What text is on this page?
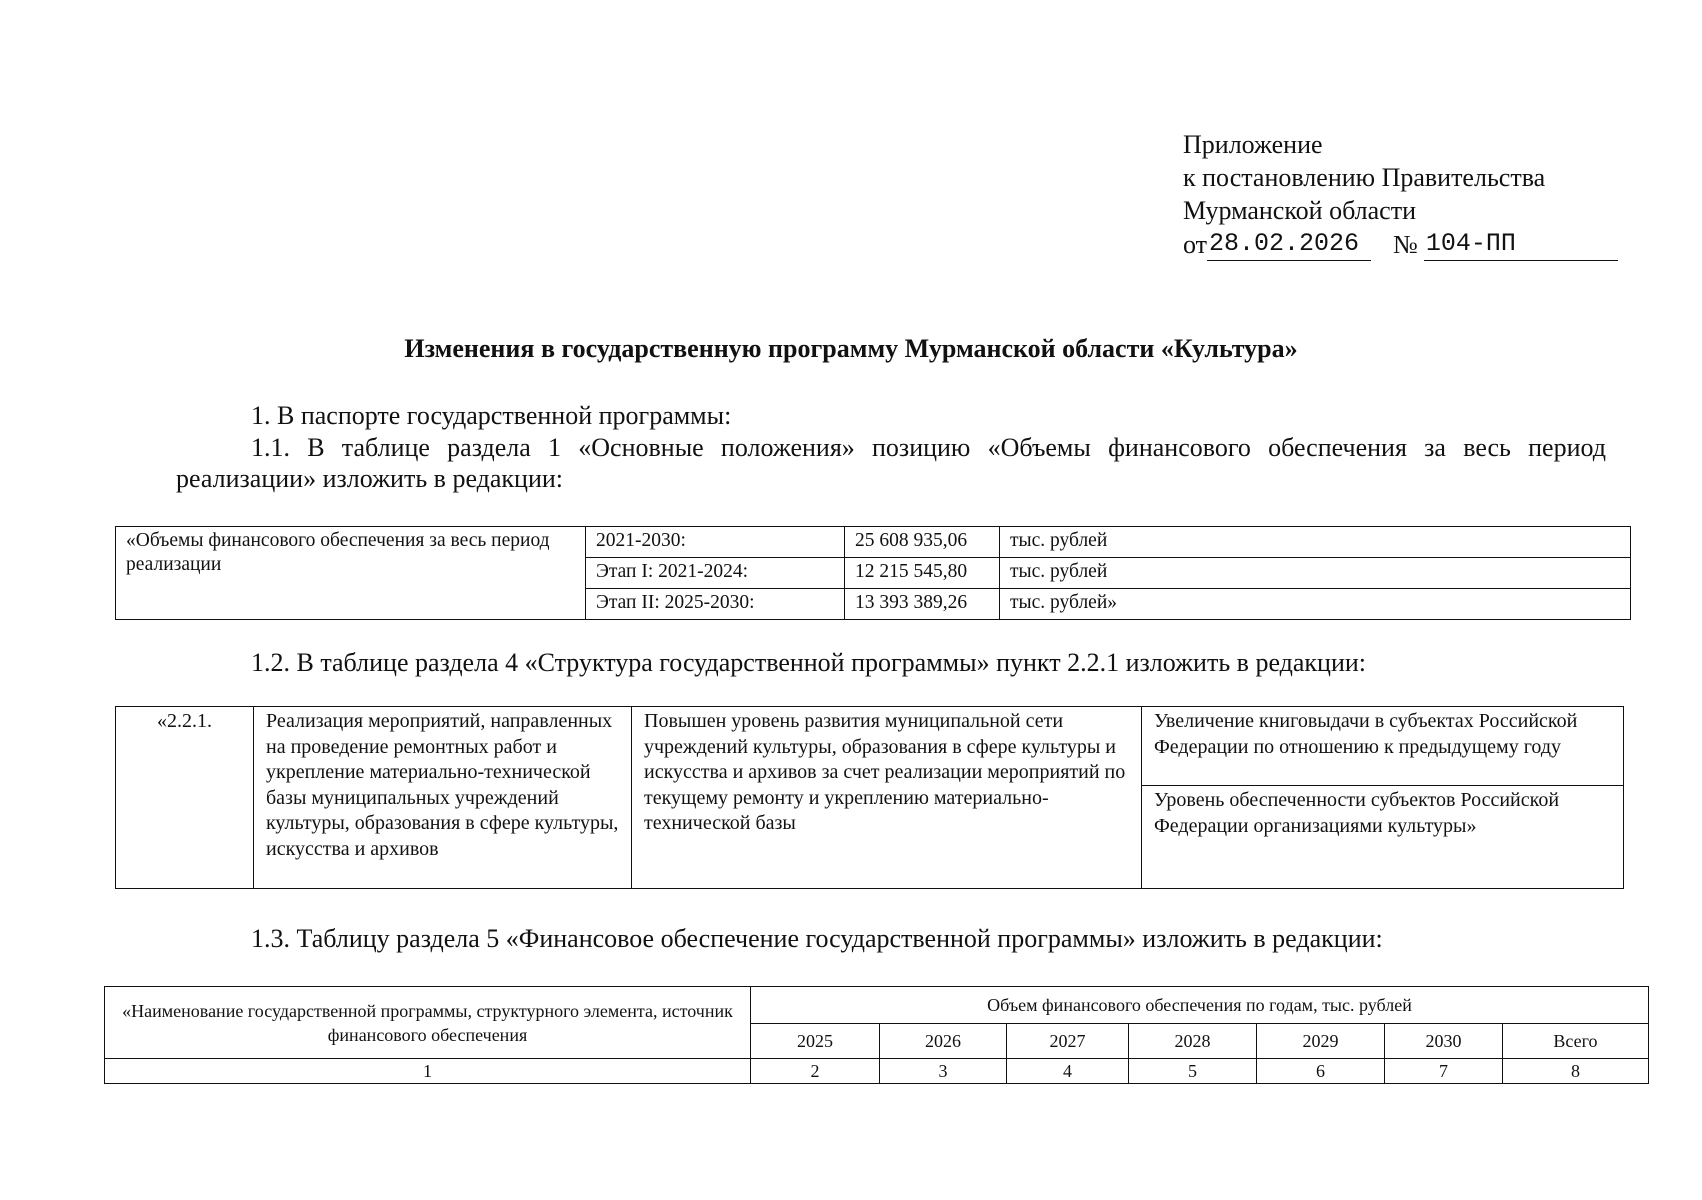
Приложение
к постановлению Правительства
Мурманской области
от 28.02.2026	№ 104-ПП
Изменения в государственную программу Мурманской области «Культура»
1. В паспорте государственной программы:
1.1. В таблице раздела 1 «Основные положения» позицию «Объемы финансового обеспечения за весь период реализации» изложить в редакции:
«Объемы финансового обеспечения за весь период реализации	2021-2030:	25 608 935,06	тыс. рублей
	Этап I: 2021-2024:	12 215 545,80	тыс. рублей
	Этап II: 2025-2030:	13 393 389,26	тыс. рублей»
1.2. В таблице раздела 4 «Структура государственной программы» пункт 2.2.1 изложить в редакции:
«2.2.1.	Реализация мероприятий, направленных на проведение ремонтных работ и укрепление материально-технической базы муниципальных учреждений культуры, образования в сфере культуры, искусства и архивов	Повышен уровень развития муниципальной сети учреждений культуры, образования в сфере культуры и искусства и архивов за счет реализации мероприятий по текущему ремонту и укреплению материально-технической базы	Увеличение книговыдачи в субъектах Российской Федерации по отношению к предыдущему году
Уровень обеспеченности субъектов Российской Федерации организациями культуры»
1.3. Таблицу раздела 5 «Финансовое обеспечение государственной программы» изложить в редакции:
«Наименование государственной программы, структурного элемента, источник финансового обеспечения	Объем финансового обеспечения по годам, тыс. рублей						
	2025	2026	2027	2028	2029	2030	Всего
1	2	3	4	5	6	7	8
